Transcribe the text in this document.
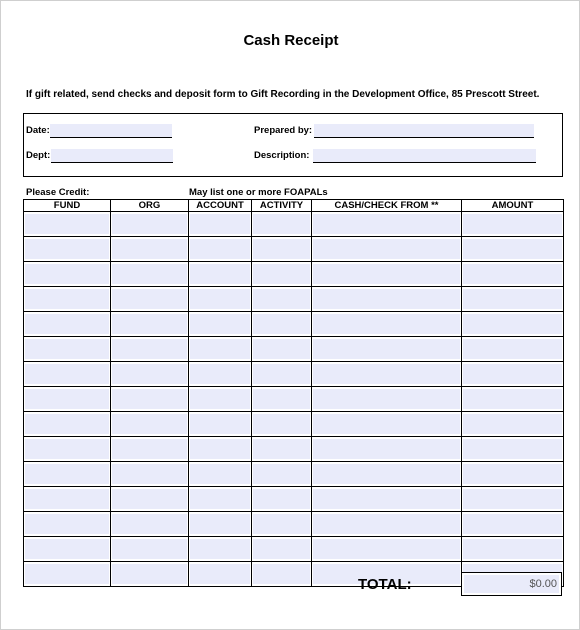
Cash Receipt
If gift related, send checks and deposit form to Gift Recording in the Development Office, 85 Prescott Street.
Date:	Prepared by:
Dept:	Description:
Please Credit:	May list one or more FOAPALs
FUND	ORG	ACCOUNT	ACTIVITY	CASH/CHECK FROM **	AMOUNT

TOTAL:	$0.00
